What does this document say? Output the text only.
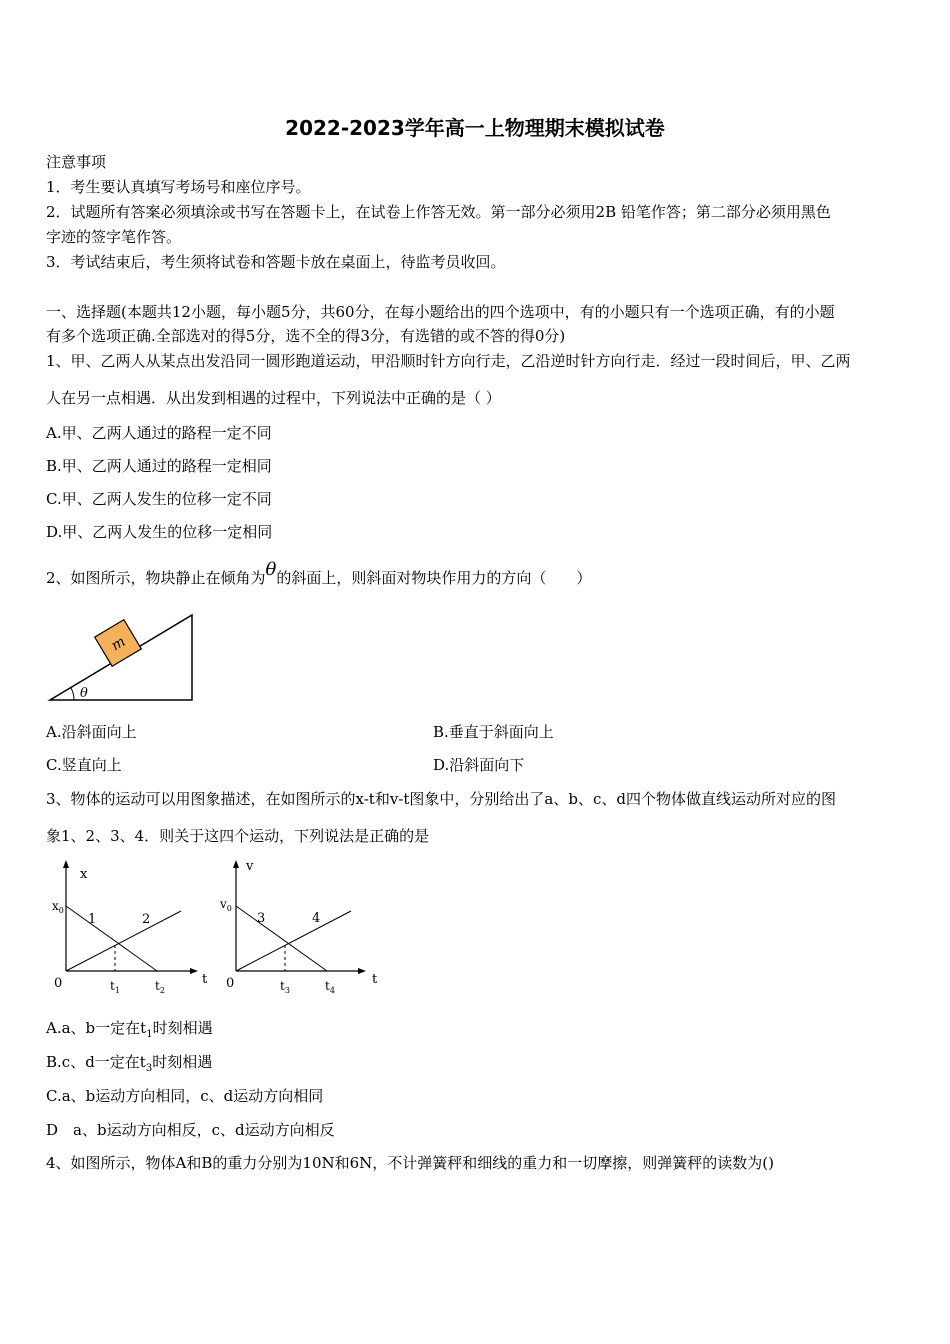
2022-2023学年高一上物理期末模拟试卷
注意事项
1．考生要认真填写考场号和座位序号。
2．试题所有答案必须填涂或书写在答题卡上，在试卷上作答无效。第一部分必须用2B 铅笔作答；第二部分必须用黑色
字迹的签字笔作答。
3．考试结束后，考生须将试卷和答题卡放在桌面上，待监考员收回。
一、选择题(本题共12小题，每小题5分，共60分，在每小题给出的四个选项中，有的小题只有一个选项正确，有的小题
有多个选项正确.全部选对的得5分，选不全的得3分，有选错的或不答的得0分)
1、甲、乙两人从某点出发沿同一圆形跑道运动，甲沿顺时针方向行走，乙沿逆时针方向行走．经过一段时间后，甲、乙两
人在另一点相遇．从出发到相遇的过程中，下列说法中正确的是（ ）
A.甲、乙两人通过的路程一定不同
B.甲、乙两人通过的路程一定相同
C.甲、乙两人发生的位移一定不同
D.甲、乙两人发生的位移一定相同
2、如图所示，物块静止在倾角为θ的斜面上，则斜面对物块作用力的方向（　　）
m
θ
A.沿斜面向上	B.垂直于斜面向上
C.竖直向上	D.沿斜面向下
3、物体的运动可以用图象描述，在如图所示的x-t和v-t图象中，分别给出了a、b、c、d四个物体做直线运动所对应的图
象1、2、3、4．则关于这四个运动，下列说法是正确的是
x
t
0
$x_0$
1	2
$t_1$	$t_2$
v
t
0
$v_0$
3	4
$t_3$	$t_4$
A.a、b一定在$t_1$时刻相遇
B.c、d一定在$t_3$时刻相遇
C.a、b运动方向相同，c、d运动方向相同
D　a、b运动方向相反，c、d运动方向相反
4、如图所示，物体A和B的重力分别为10N和6N，不计弹簧秤和细线的重力和一切摩擦，则弹簧秤的读数为()
